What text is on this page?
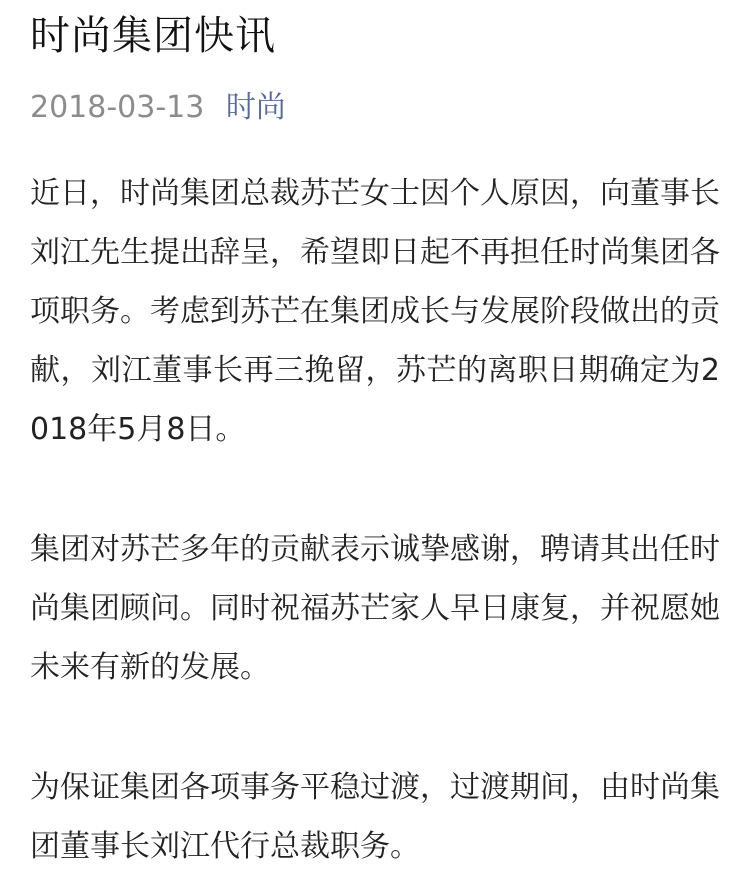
时尚集团快讯
2018-03-13 时尚

近日，时尚集团总裁苏芒女士因个人原因，向董事长刘江先生提出辞呈，希望即日起不再担任时尚集团各项职务。考虑到苏芒在集团成长与发展阶段做出的贡献，刘江董事长再三挽留，苏芒的离职日期确定为2018年5月8日。

集团对苏芒多年的贡献表示诚挚感谢，聘请其出任时尚集团顾问。同时祝福苏芒家人早日康复，并祝愿她未来有新的发展。

为保证集团各项事务平稳过渡，过渡期间，由时尚集团董事长刘江代行总裁职务。
